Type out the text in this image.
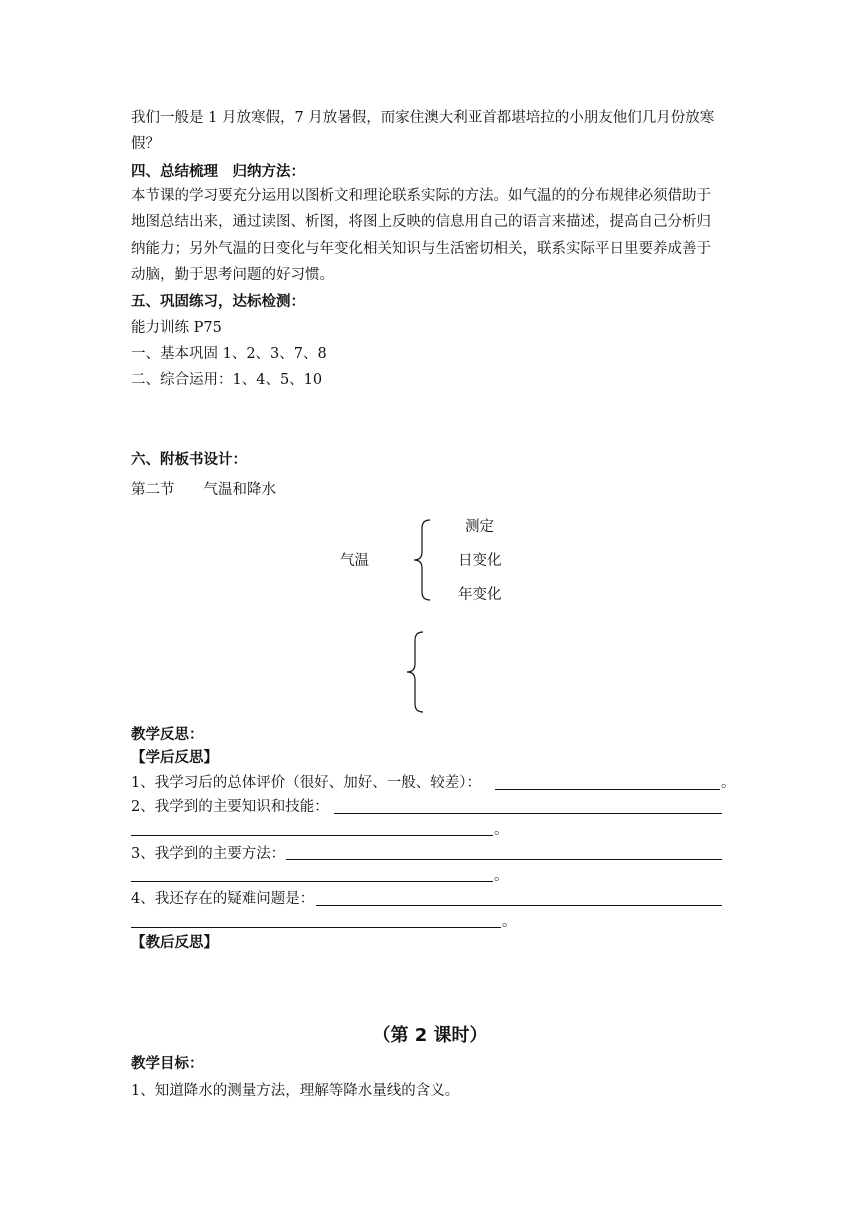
我们一般是 1 月放寒假，7 月放暑假，而家住澳大利亚首都堪培拉的小朋友他们几月份放寒
假？
四、总结梳理　归纳方法：
本节课的学习要充分运用以图析文和理论联系实际的方法。如气温的的分布规律必须借助于
地图总结出来，通过读图、析图，将图上反映的信息用自己的语言来描述，提高自己分析归
纳能力；另外气温的日变化与年变化相关知识与生活密切相关，联系实际平日里要养成善于
动脑，勤于思考问题的好习惯。
五、巩固练习，达标检测：
能力训练 P75
一、基本巩固 1、2、3、7、8
二、综合运用：1、4、5、10
六、附板书设计：
第二节　　气温和降水
气温
测定
日变化
年变化
教学反思：
【学后反思】
1、我学习后的总体评价（很好、加好、一般、较差）：	。
2、我学到的主要知识和技能：
。
3、我学到的主要方法：
。
4、我还存在的疑难问题是：
。
【教后反思】
（第 2 课时）
教学目标：
1、知道降水的测量方法，理解等降水量线的含义。
